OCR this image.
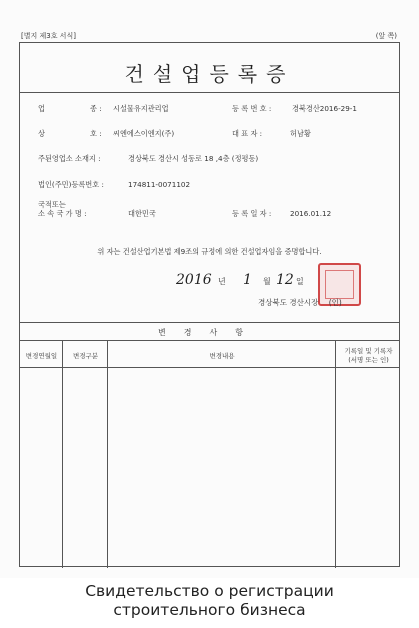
[별지 제3호 서식]	(앞 쪽)
건설업등록증
업	종 : 시설물유지관리업	등 록 번 호 :	경북경산2016-29-1
상	호 : 씨엔에스이엔지(주)	대 표 자 :	허남황
주된영업소 소재지 :	경상북도 경산시 성동로 18 ,4층 (정평동)
법인(주민)등록번호 :	174811-0071102
국적또는
소 속 국 가 명 :	대한민국	등 록 일 자 :	2016.01.12
위 자는 건설산업기본법 제9조의 규정에 의한 건설업자임을 증명합니다.
2016 년 1 월 12 일
경상북도 경산시장 (인)
변경사항
변경연월일	변경구분	변경내용
기록일 및 기록자
(서명 또는 인)
Свидетельство о регистрации
строительного бизнеса
